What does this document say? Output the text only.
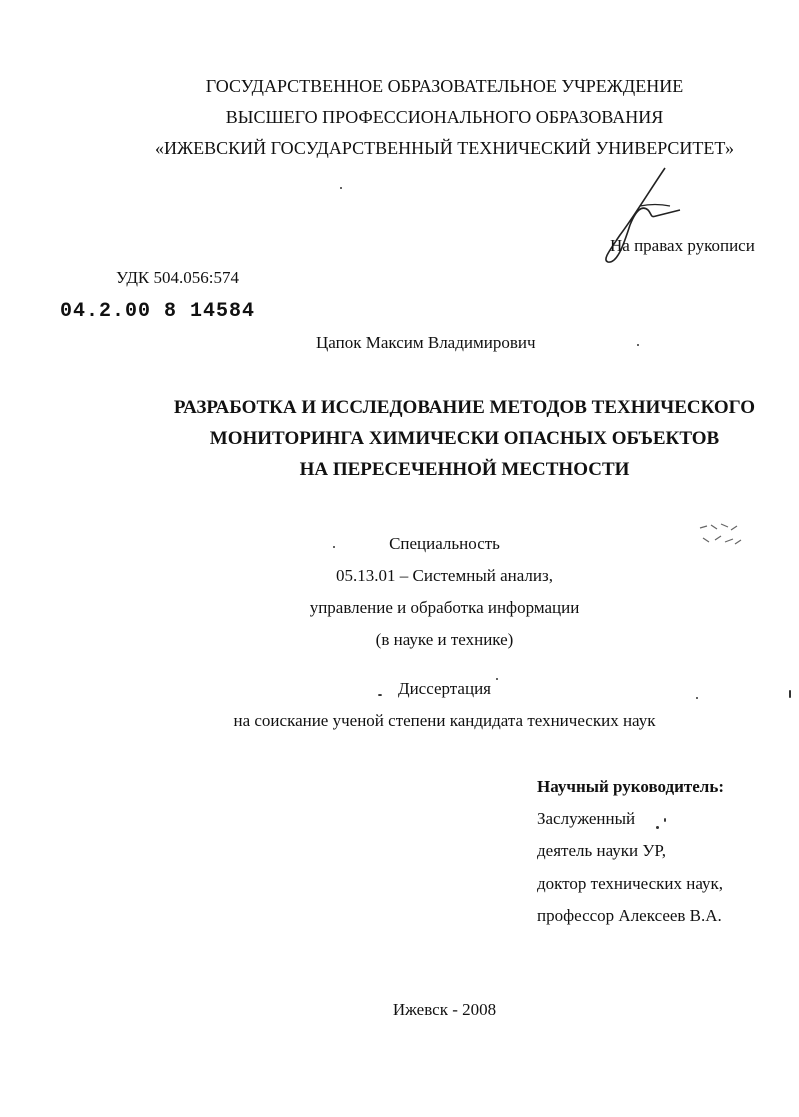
ГОСУДАРСТВЕННОЕ ОБРАЗОВАТЕЛЬНОЕ УЧРЕЖДЕНИЕ
ВЫСШЕГО ПРОФЕССИОНАЛЬНОГО ОБРАЗОВАНИЯ
«ИЖЕВСКИЙ ГОСУДАРСТВЕННЫЙ ТЕХНИЧЕСКИЙ УНИВЕРСИТЕТ»
На правах рукописи
УДК 504.056:574
04.2.00 8 14584
Цапок Максим Владимирович
РАЗРАБОТКА И ИССЛЕДОВАНИЕ МЕТОДОВ ТЕХНИЧЕСКОГО
МОНИТОРИНГА ХИМИЧЕСКИ ОПАСНЫХ ОБЪЕКТОВ
НА ПЕРЕСЕЧЕННОЙ МЕСТНОСТИ
Специальность
05.13.01 – Системный анализ,
управление и обработка информации
(в науке и технике)
Диссертация
на соискание ученой степени кандидата технических наук
Научный руководитель:
Заслуженный
деятель науки УР,
доктор технических наук,
профессор Алексеев В.А.
Ижевск - 2008
